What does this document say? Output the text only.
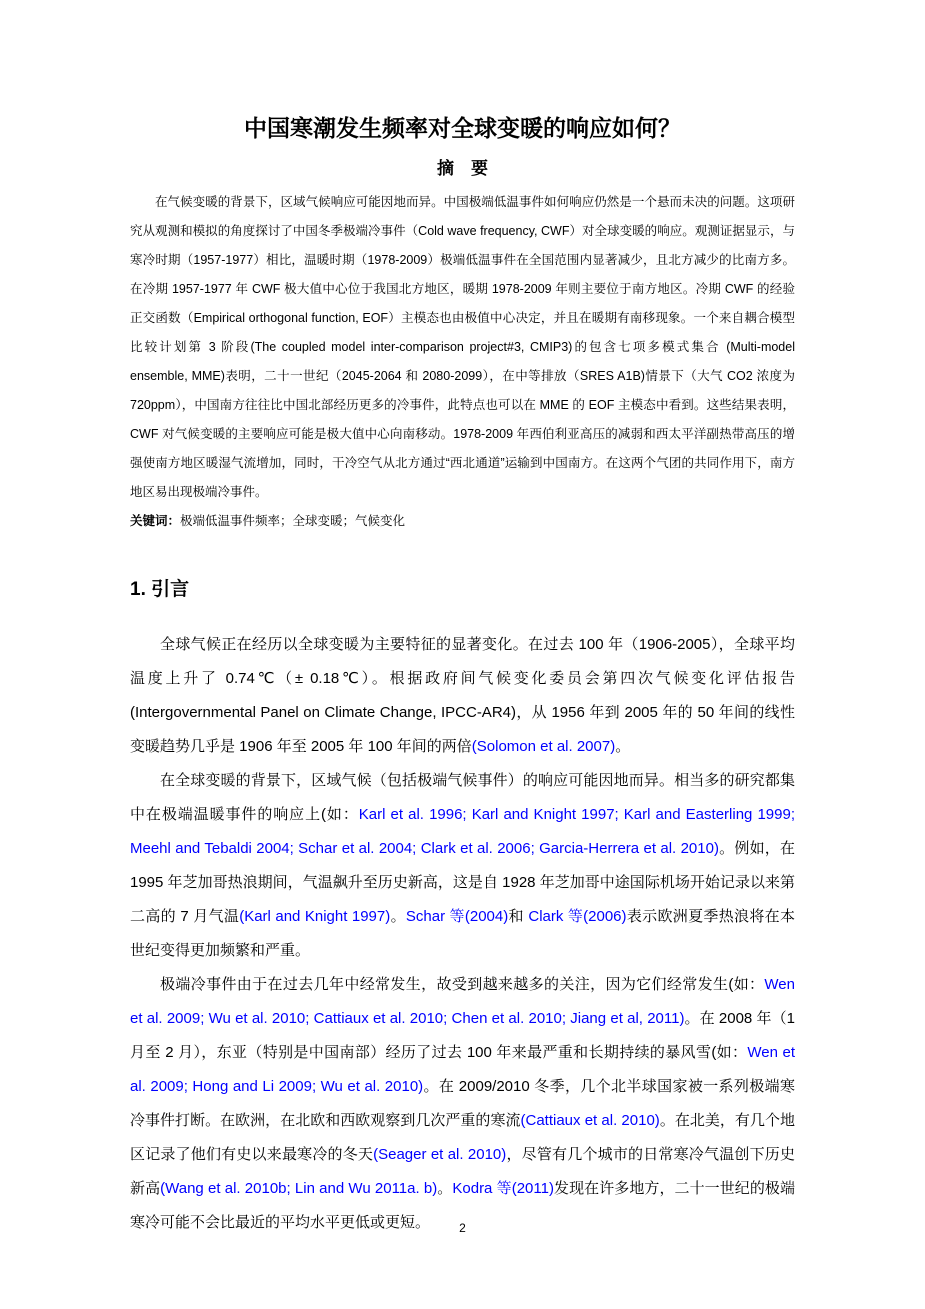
中国寒潮发生频率对全球变暖的响应如何？
摘　要

在气候变暖的背景下，区域气候响应可能因地而异。中国极端低温事件如何响应仍然是一个悬而未决的问题。这项研究从观测和模拟的角度探讨了中国冬季极端冷事件（Cold wave frequency, CWF）对全球变暖的响应。观测证据显示，与寒冷时期（1957-1977）相比，温暖时期（1978-2009）极端低温事件在全国范围内显著减少，且北方减少的比南方多。在冷期 1957-1977 年 CWF 极大值中心位于我国北方地区，暖期 1978-2009 年则主要位于南方地区。冷期 CWF 的经验正交函数（Empirical orthogonal function, EOF）主模态也由极值中心决定，并且在暖期有南移现象。一个来自耦合模型比较计划第 3 阶段(The coupled model inter-comparison project#3, CMIP3)的包含七项多模式集合 (Multi-model ensemble, MME)表明，二十一世纪（2045-2064 和 2080-2099），在中等排放（SRES A1B)情景下（大气 CO2 浓度为 720ppm），中国南方往往比中国北部经历更多的冷事件，此特点也可以在 MME 的 EOF 主模态中看到。这些结果表明，CWF 对气候变暖的主要响应可能是极大值中心向南移动。1978-2009 年西伯利亚高压的减弱和西太平洋副热带高压的增强使南方地区暖湿气流增加，同时，干冷空气从北方通过“西北通道”运输到中国南方。在这两个气团的共同作用下，南方地区易出现极端冷事件。

关键词：极端低温事件频率；全球变暖；气候变化

1. 引言

全球气候正在经历以全球变暖为主要特征的显著变化。在过去 100 年（1906-2005），全球平均温度上升了 0.74℃（± 0.18℃）。根据政府间气候变化委员会第四次气候变化评估报告(Intergovernmental Panel on Climate Change, IPCC-AR4)，从 1956 年到 2005 年的 50 年间的线性变暖趋势几乎是 1906 年至 2005 年 100 年间的两倍(Solomon et al. 2007)。

在全球变暖的背景下，区域气候（包括极端气候事件）的响应可能因地而异。相当多的研究都集中在极端温暖事件的响应上(如：Karl et al. 1996; Karl and Knight 1997; Karl and Easterling 1999; Meehl and Tebaldi 2004; Schar et al. 2004; Clark et al. 2006; Garcia-Herrera et al. 2010)。例如，在 1995 年芝加哥热浪期间，气温飙升至历史新高，这是自 1928 年芝加哥中途国际机场开始记录以来第二高的 7 月气温(Karl and Knight 1997)。Schar 等(2004)和 Clark 等(2006)表示欧洲夏季热浪将在本世纪变得更加频繁和严重。

极端冷事件由于在过去几年中经常发生，故受到越来越多的关注，因为它们经常发生(如：Wen et al. 2009; Wu et al. 2010; Cattiaux et al. 2010; Chen et al. 2010; Jiang et al, 2011)。在 2008 年（1 月至 2 月），东亚（特别是中国南部）经历了过去 100 年来最严重和长期持续的暴风雪(如：Wen et al. 2009; Hong and Li 2009; Wu et al. 2010)。在 2009/2010 冬季，几个北半球国家被一系列极端寒冷事件打断。在欧洲，在北欧和西欧观察到几次严重的寒流(Cattiaux et al. 2010)。在北美，有几个地区记录了他们有史以来最寒冷的冬天(Seager et al. 2010)，尽管有几个城市的日常寒冷气温创下历史新高(Wang et al. 2010b; Lin and Wu 2011a. b)。Kodra 等(2011)发现在许多地方，二十一世纪的极端寒冷可能不会比最近的平均水平更低或更短。	2
